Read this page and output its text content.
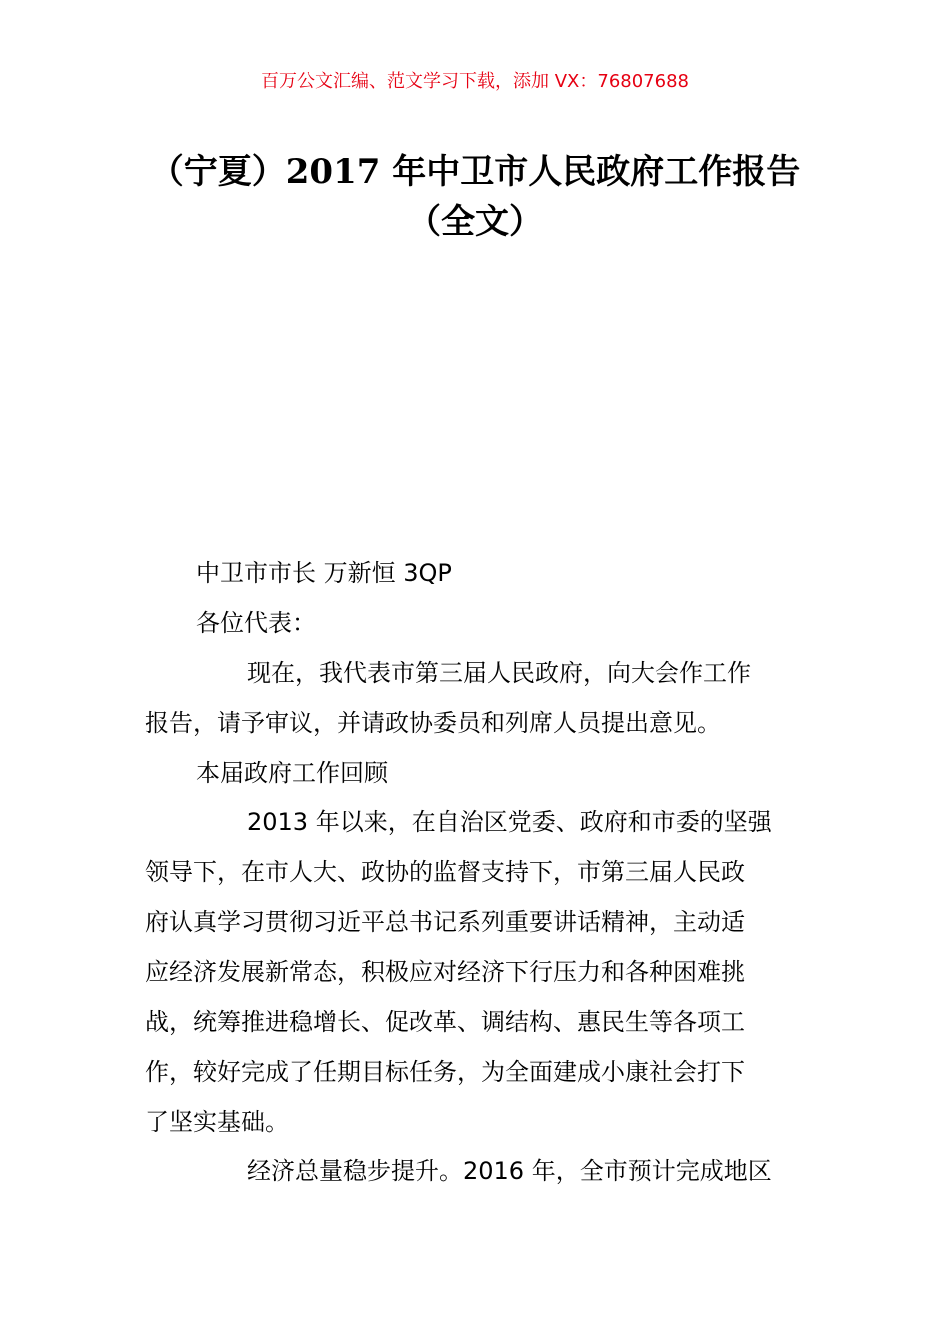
百万公文汇编、范文学习下载，添加 VX：76807688
（宁夏）2017 年中卫市人民政府工作报告
（全文）
中卫市市长 万新恒 3QP
各位代表：
现在，我代表市第三届人民政府，向大会作工作
报告，请予审议，并请政协委员和列席人员提出意见。
本届政府工作回顾
2013 年以来，在自治区党委、政府和市委的坚强
领导下，在市人大、政协的监督支持下，市第三届人民政
府认真学习贯彻习近平总书记系列重要讲话精神，主动适
应经济发展新常态，积极应对经济下行压力和各种困难挑
战，统筹推进稳增长、促改革、调结构、惠民生等各项工
作，较好完成了任期目标任务，为全面建成小康社会打下
了坚实基础。
经济总量稳步提升。2016 年，全市预计完成地区
